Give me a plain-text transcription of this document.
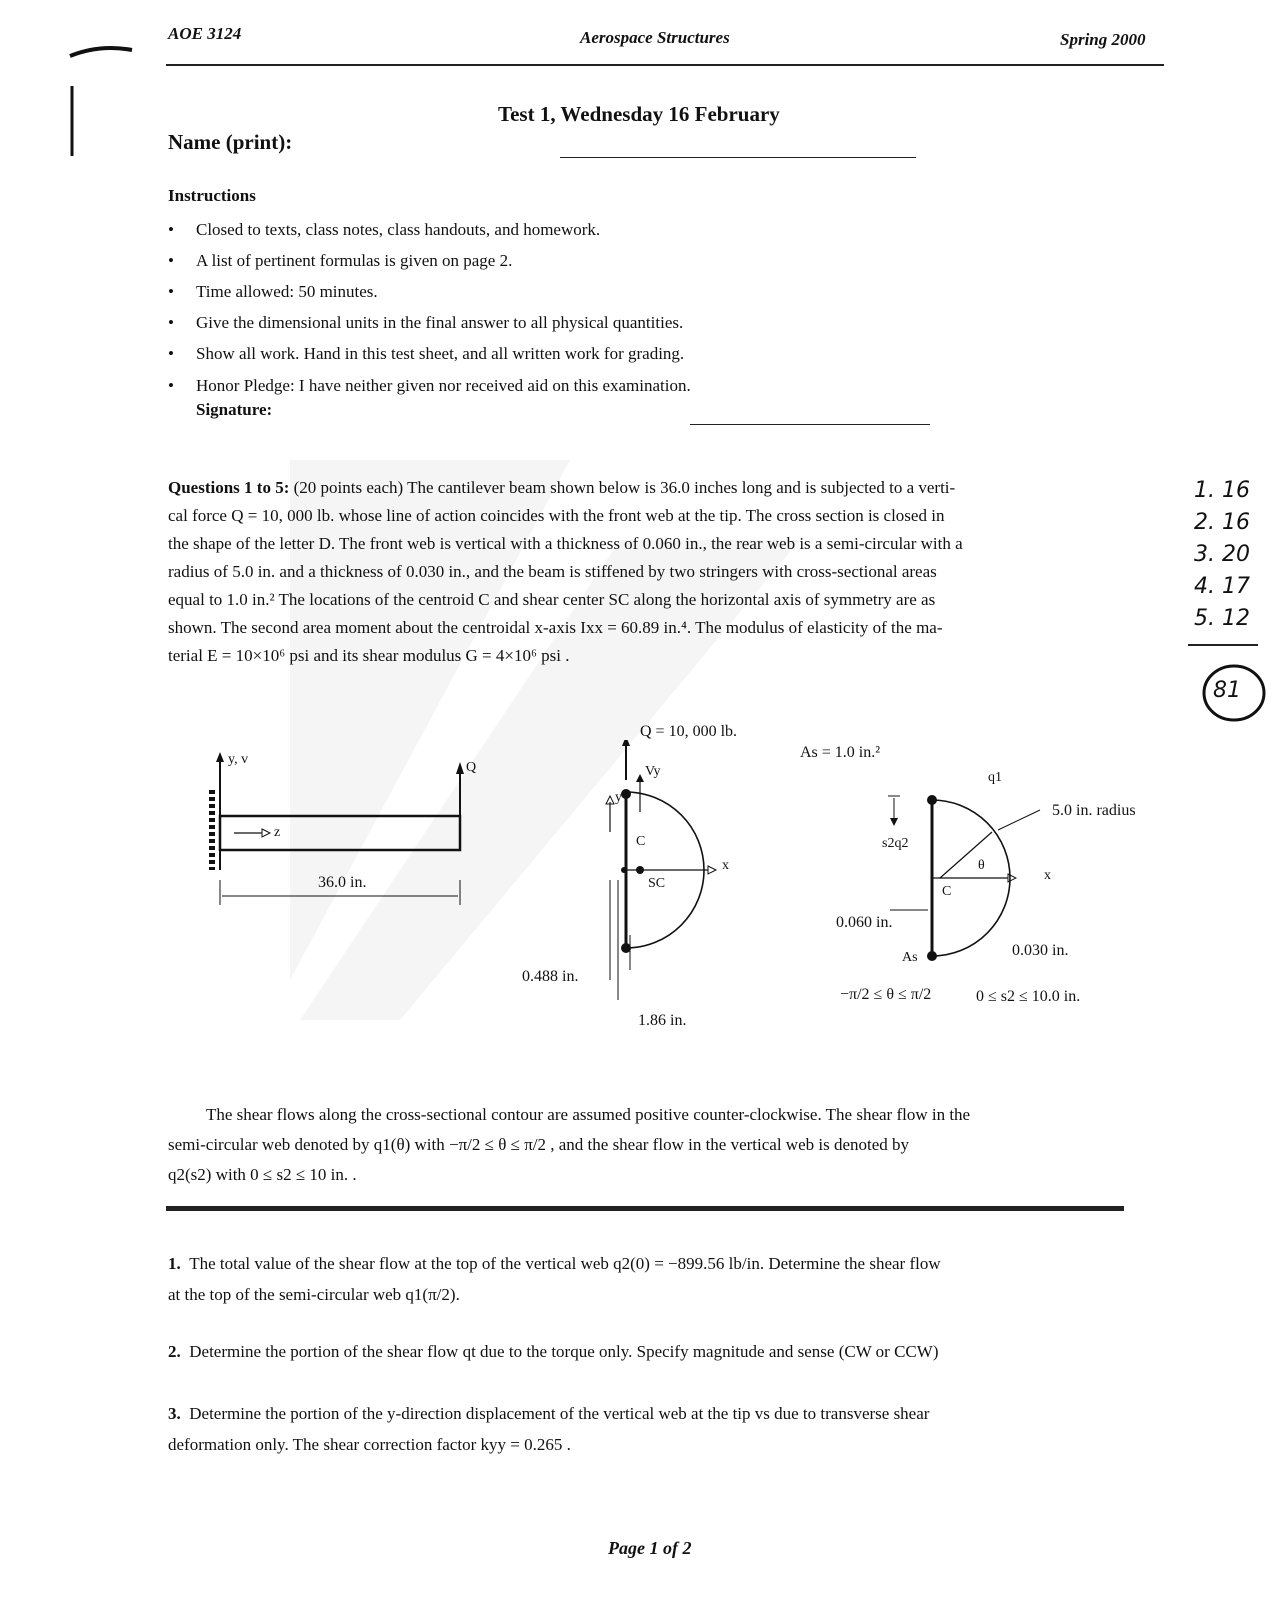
AOE 3124	Aerospace Structures	Spring 2000
Test 1, Wednesday 16 February
Name (print):
Instructions
• Closed to texts, class notes, class handouts, and homework.
• A list of pertinent formulas is given on page 2.
• Time allowed: 50 minutes.
• Give the dimensional units in the final answer to all physical quantities.
• Show all work. Hand in this test sheet, and all written work for grading.
• Honor Pledge: I have neither given nor received aid on this examination.
Signature:
Questions 1 to 5: (20 points each) The cantilever beam shown below is 36.0 inches long and is subjected to a verti-
cal force Q = 10, 000 lb. whose line of action coincides with the front web at the tip. The cross section is closed in
the shape of the letter D. The front web is vertical with a thickness of 0.060 in., the rear web is a semi-circular with a
radius of 5.0 in. and a thickness of 0.030 in., and the beam is stiffened by two stringers with cross-sectional areas
equal to 1.0 in.² The locations of the centroid C and shear center SC along the horizontal axis of symmetry are as
shown. The second area moment about the centroidal x-axis Ixx = 60.89 in.⁴. The modulus of elasticity of the ma-
terial E = 10×10⁶ psi and its shear modulus G = 4×10⁶ psi .
1. 16
2. 16
3. 20
4. 17
5. 12
81
y, v
Q
z
36.0 in.
Q = 10, 000 lb.
Vy
y
C
SC
x
0.488 in.
1.86 in.
As = 1.0 in.²
q1
5.0 in. radius
s2q2
θ
C
x
0.060 in.
0.030 in.
As
−π/2 ≤ θ ≤ π/2	0 ≤ s2 ≤ 10.0 in.
The shear flows along the cross-sectional contour are assumed positive counter-clockwise. The shear flow in the
semi-circular web denoted by q1(θ) with −π/2 ≤ θ ≤ π/2 , and the shear flow in the vertical web is denoted by
q2(s2) with 0 ≤ s2 ≤ 10 in. .
1. The total value of the shear flow at the top of the vertical web q2(0) = −899.56 lb/in. Determine the shear flow
at the top of the semi-circular web q1(π/2).
2. Determine the portion of the shear flow qt due to the torque only. Specify magnitude and sense (CW or CCW)
3. Determine the portion of the y-direction displacement of the vertical web at the tip vs due to transverse shear
deformation only. The shear correction factor kyy = 0.265 .
Page 1 of 2
